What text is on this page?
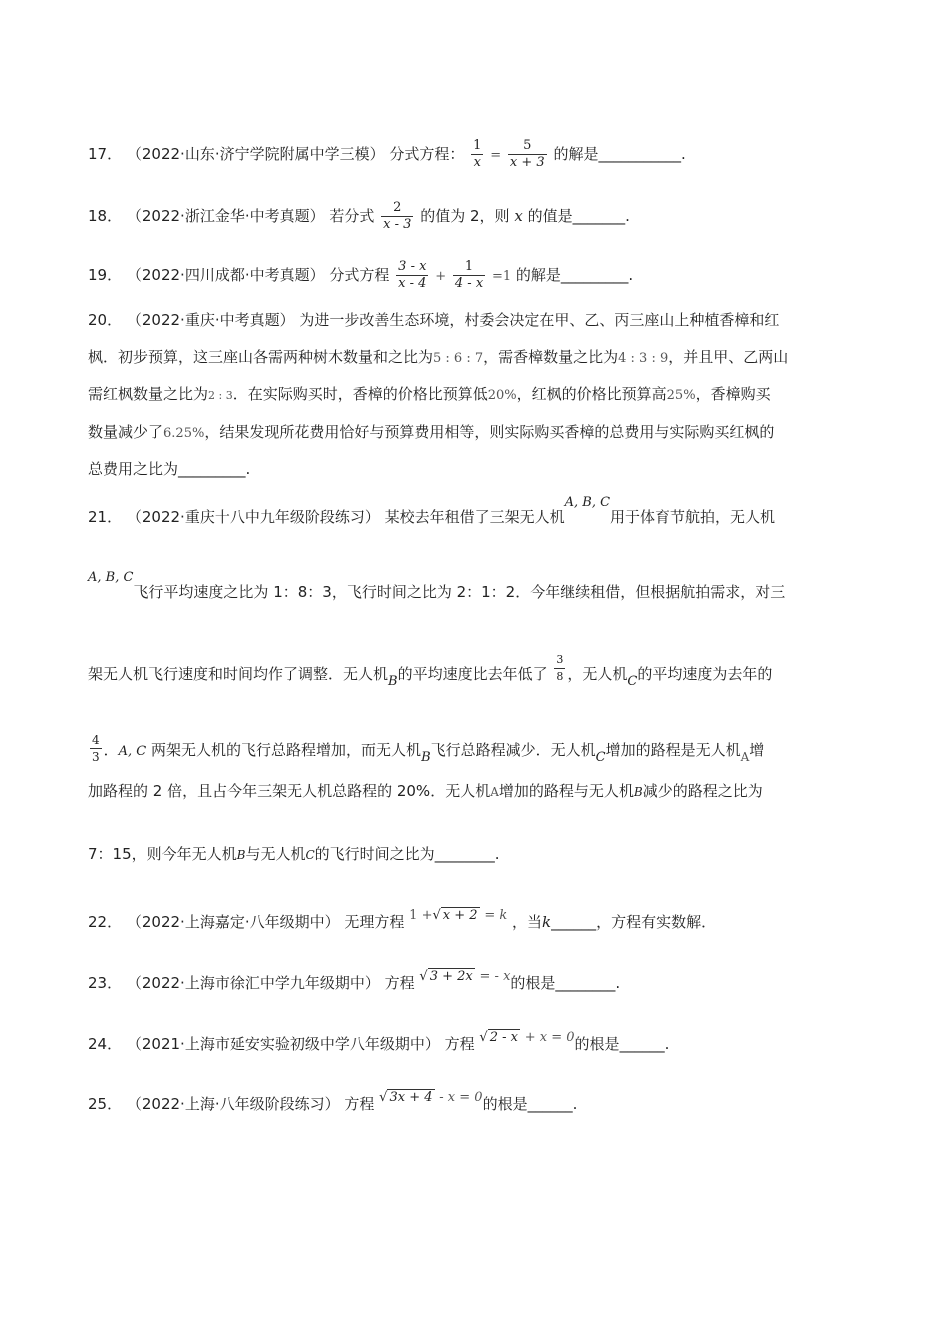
17． （2022·山东·济宁学院附属中学三模） 分式方程： $\frac{1}{x} = \frac{5}{x + 3}$ 的解是___________.
18． （2022·浙江金华·中考真题） 若分式 $\frac{2}{x - 3}$ 的值为 2，则 x 的值是_______.
19． （2022·四川成都·中考真题） 分式方程 $\frac{3 - x}{x - 4} + \frac{1}{4 - x} =1$ 的解是_________.
20． （2022·重庆·中考真题） 为进一步改善生态环境，村委会决定在甲、乙、丙三座山上种植香樟和红
枫．初步预算，这三座山各需两种树木数量和之比为5 : 6 : 7，需香樟数量之比为4 : 3 : 9，并且甲、乙两山
需红枫数量之比为2 : 3．在实际购买时，香樟的价格比预算低20%，红枫的价格比预算高25%，香樟购买
数量减少了6.25%，结果发现所花费用恰好与预算费用相等，则实际购买香樟的总费用与实际购买红枫的
总费用之比为_________.
21． （2022·重庆十八中九年级阶段练习） 某校去年租借了三架无人机A, B, C用于体育节航拍，无人机
A, B, C飞行平均速度之比为 1：8：3，飞行时间之比为 2：1：2．今年继续租借，但根据航拍需求，对三
架无人机飞行速度和时间均作了调整．无人机B的平均速度比去年低了 $\frac{3}{8}$ ，无人机C的平均速度为去年的
$\frac{4}{3}$ ．A, C 两架无人机的飞行总路程增加，而无人机B飞行总路程减少．无人机C增加的路程是无人机$_A$增
加路程的 2 倍，且占今年三架无人机总路程的 20%．无人机A增加的路程与无人机B减少的路程之比为
7：15，则今年无人机B与无人机C的飞行时间之比为________.
22． （2022·上海嘉定·八年级期中） 无理方程 1 +√ x + 2 = k ，当k______，方程有实数解．
23． （2022·上海市徐汇中学九年级期中） 方程 √ 3 + 2x = - x的根是________.
24． （2021·上海市延安实验初级中学八年级期中） 方程 √ 2 - x + x = 0的根是______.
25． （2022·上海·八年级阶段练习） 方程 √ 3x + 4 - x = 0的根是______.
